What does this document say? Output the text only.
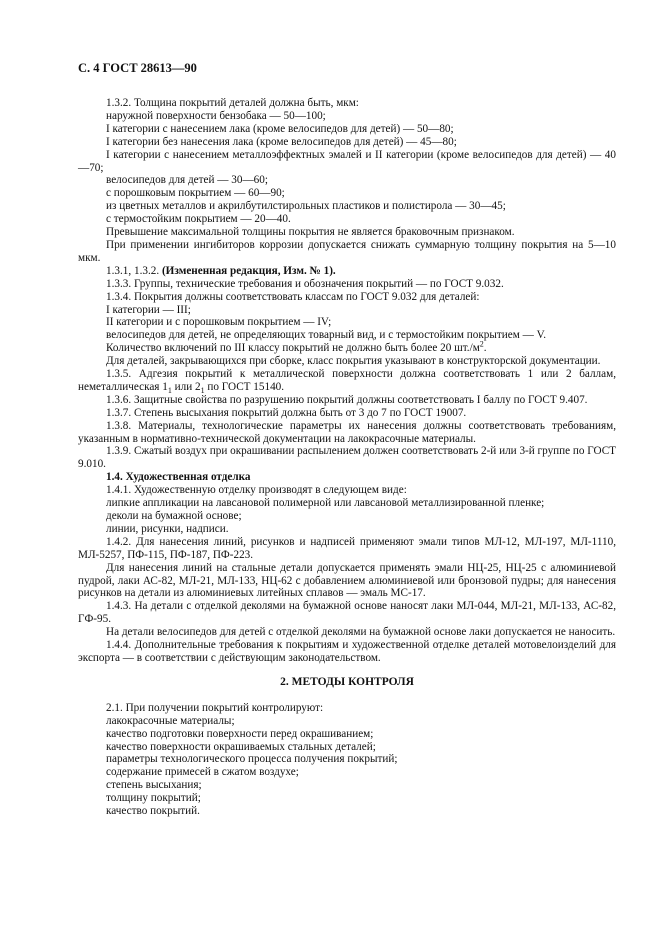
С. 4 ГОСТ 28613—90

1.3.2. Толщина покрытий деталей должна быть, мкм:

наружной поверхности бензобака — 50—100;

I категории с нанесением лака (кроме велосипедов для детей) — 50—80;

I категории без нанесения лака (кроме велосипедов для детей) — 45—80;

I категории с нанесением металлоэффектных эмалей и II категории (кроме велосипедов для детей) — 40—70;

велосипедов для детей — 30—60;

с порошковым покрытием — 60—90;

из цветных металлов и акрилбутилстирольных пластиков и полистирола — 30—45;

с термостойким покрытием — 20—40.

Превышение максимальной толщины покрытия не является браковочным признаком.

При применении ингибиторов коррозии допускается снижать суммарную толщину покрытия на 5—10 мкм.

1.3.1, 1.3.2. (Измененная редакция, Изм. № 1).

1.3.3. Группы, технические требования и обозначения покрытий — по ГОСТ 9.032.

1.3.4. Покрытия должны соответствовать классам по ГОСТ 9.032 для деталей:

I категории — III;

II категории и с порошковым покрытием — IV;

велосипедов для детей, не определяющих товарный вид, и с термостойким покрытием — V.

Количество включений по III классу покрытий не должно быть более 20 $шт./м^2$.

Для деталей, закрывающихся при сборке, класс покрытия указывают в конструкторской документации.

1.3.5. Адгезия покрытий к металлической поверхности должна соответствовать 1 или 2 баллам, неметаллическая $1_1$ или $2_1$ по ГОСТ 15140.

1.3.6. Защитные свойства по разрушению покрытий должны соответствовать I баллу по ГОСТ 9.407.

1.3.7. Степень высыхания покрытий должна быть от 3 до 7 по ГОСТ 19007.

1.3.8. Материалы, технологические параметры их нанесения должны соответствовать требованиям, указанным в нормативно-технической документации на лакокрасочные материалы.

1.3.9. Сжатый воздух при окрашивании распылением должен соответствовать 2-й или 3-й группе по ГОСТ 9.010.

1.4. Художественная отделка

1.4.1. Художественную отделку производят в следующем виде:

липкие аппликации на лавсановой полимерной или лавсановой металлизированной пленке;

деколи на бумажной основе;

линии, рисунки, надписи.

1.4.2. Для нанесения линий, рисунков и надписей применяют эмали типов МЛ-12, МЛ-197, МЛ-1110, МЛ-5257, ПФ-115, ПФ-187, ПФ-223.

Для нанесения линий на стальные детали допускается применять эмали НЦ-25, НЦ-25 с алюминиевой пудрой, лаки АС-82, МЛ-21, МЛ-133, НЦ-62 с добавлением алюминиевой или бронзовой пудры; для нанесения рисунков на детали из алюминиевых литейных сплавов — эмаль МС-17.

1.4.3. На детали с отделкой деколями на бумажной основе наносят лаки МЛ-044, МЛ-21, МЛ-133, АС-82, ГФ-95.

На детали велосипедов для детей с отделкой деколями на бумажной основе лаки допускается не наносить.

1.4.4. Дополнительные требования к покрытиям и художественной отделке деталей мотовелоизделий для экспорта — в соответствии с действующим законодательством.

2. МЕТОДЫ КОНТРОЛЯ

2.1. При получении покрытий контролируют:

лакокрасочные материалы;

качество подготовки поверхности перед окрашиванием;

качество поверхности окрашиваемых стальных деталей;

параметры технологического процесса получения покрытий;

содержание примесей в сжатом воздухе;

степень высыхания;

толщину покрытий;

качество покрытий.
